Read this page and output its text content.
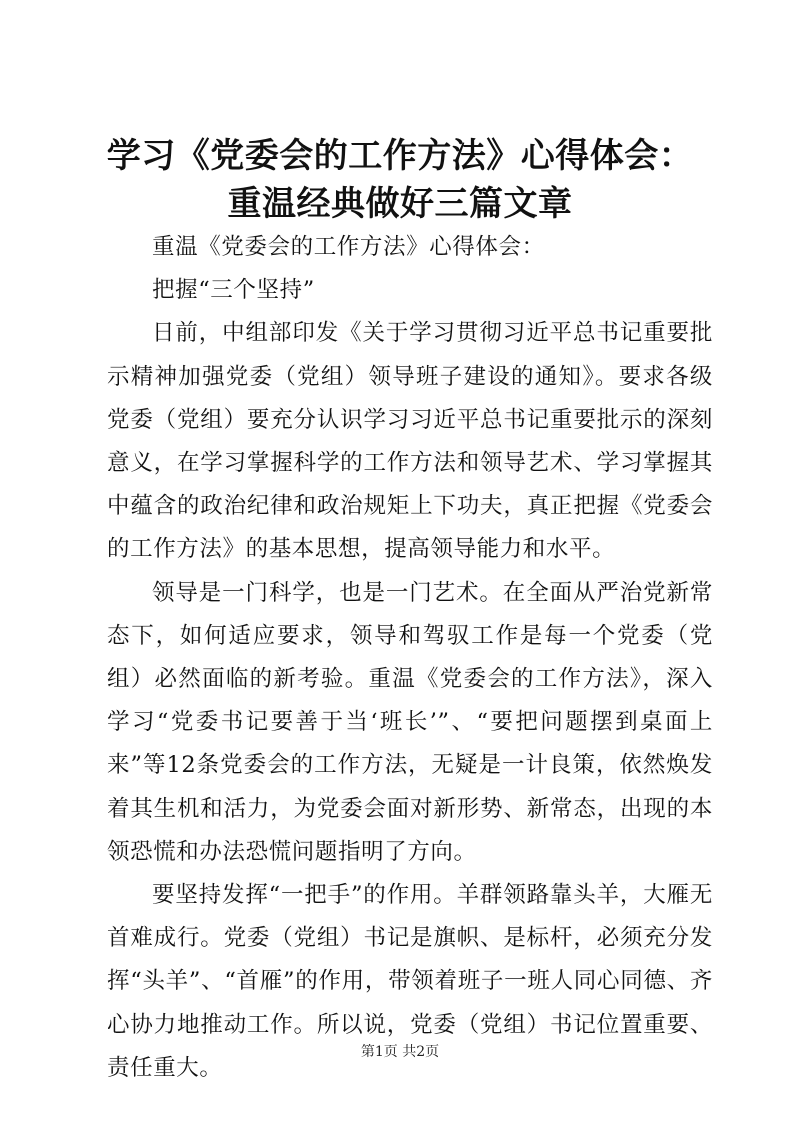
学习《党委会的工作方法》心得体会：重温经典做好三篇文章

重温《党委会的工作方法》心得体会：

把握“三个坚持”

日前，中组部印发《关于学习贯彻习近平总书记重要批示精神加强党委（党组）领导班子建设的通知》。要求各级党委（党组）要充分认识学习习近平总书记重要批示的深刻意义，在学习掌握科学的工作方法和领导艺术、学习掌握其中蕴含的政治纪律和政治规矩上下功夫，真正把握《党委会的工作方法》的基本思想，提高领导能力和水平。

领导是一门科学，也是一门艺术。在全面从严治党新常态下，如何适应要求，领导和驾驭工作是每一个党委（党组）必然面临的新考验。重温《党委会的工作方法》，深入学习“党委书记要善于当‘班长’”、“要把问题摆到桌面上来”等12条党委会的工作方法，无疑是一计良策，依然焕发着其生机和活力，为党委会面对新形势、新常态，出现的本领恐慌和办法恐慌问题指明了方向。

要坚持发挥“一把手”的作用。羊群领路靠头羊，大雁无首难成行。党委（党组）书记是旗帜、是标杆，必须充分发挥“头羊”、“首雁”的作用，带领着班子一班人同心同德、齐心协力地推动工作。所以说，党委（党组）书记位置重要、责任重大。

第1页 共2页
